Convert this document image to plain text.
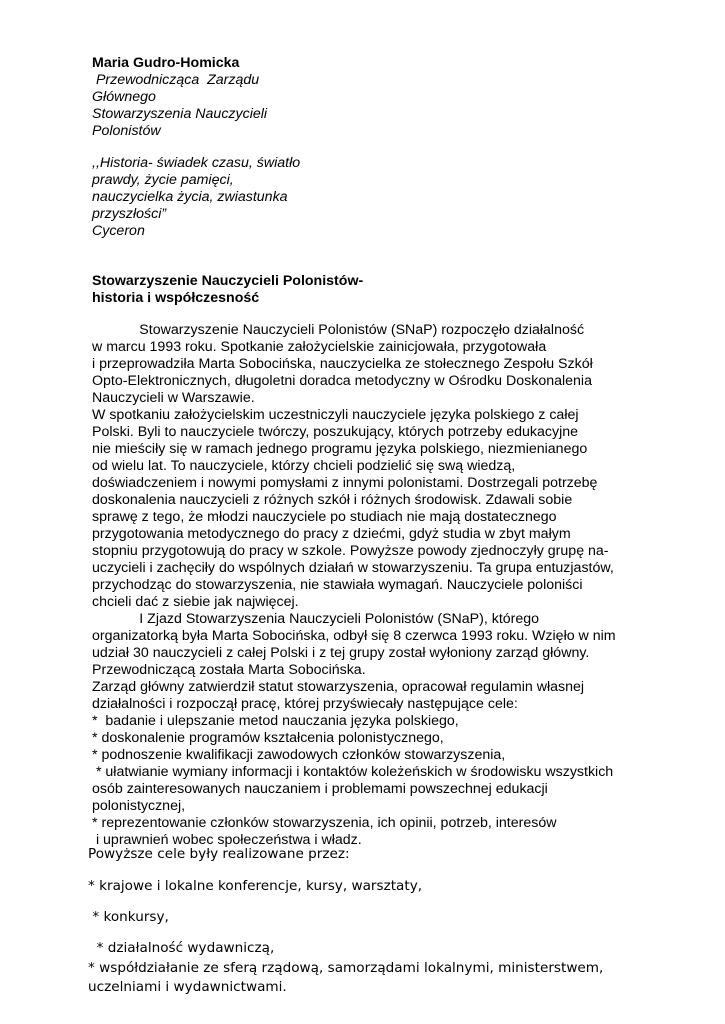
Maria Gudro-Homicka
Przewodnicząca  Zarządu
Głównego
Stowarzyszenia Nauczycieli
Polonistów
,,Historia- świadek czasu, światło
prawdy, życie pamięci,
nauczycielka życia, zwiastunka
przyszłości”
Cyceron
Stowarzyszenie Nauczycieli Polonistów-
historia i współczesność
Stowarzyszenie Nauczycieli Polonistów (SNaP) rozpoczęło działalność
w marcu 1993 roku. Spotkanie założycielskie zainicjowała, przygotowała
i przeprowadziła Marta Sobocińska, nauczycielka ze stołecznego Zespołu Szkół
Opto-Elektronicznych, długoletni doradca metodyczny w Ośrodku Doskonalenia
Nauczycieli w Warszawie.
W spotkaniu założycielskim uczestniczyli nauczyciele języka polskiego z całej
Polski. Byli to nauczyciele twórczy, poszukujący, których potrzeby edukacyjne
nie mieściły się w ramach jednego programu języka polskiego, niezmienianego
od wielu lat. To nauczyciele, którzy chcieli podzielić się swą wiedzą,
doświadczeniem i nowymi pomysłami z innymi polonistami. Dostrzegali potrzebę
doskonalenia nauczycieli z różnych szkół i różnych środowisk. Zdawali sobie
sprawę z tego, że młodzi nauczyciele po studiach nie mają dostatecznego
przygotowania metodycznego do pracy z dziećmi, gdyż studia w zbyt małym
stopniu przygotowują do pracy w szkole. Powyższe powody zjednoczyły grupę na-
uczycieli i zachęciły do wspólnych działań w stowarzyszeniu. Ta grupa entuzjastów,
przychodząc do stowarzyszenia, nie stawiała wymagań. Nauczyciele poloniści
chcieli dać z siebie jak najwięcej.
I Zjazd Stowarzyszenia Nauczycieli Polonistów (SNaP), którego
organizatorką była Marta Sobocińska, odbył się 8 czerwca 1993 roku. Wzięło w nim
udział 30 nauczycieli z całej Polski i z tej grupy został wyłoniony zarząd główny.
Przewodniczącą została Marta Sobocińska.
Zarząd główny zatwierdził statut stowarzyszenia, opracował regulamin własnej
działalności i rozpoczął pracę, której przyświecały następujące cele:
*  badanie i ulepszanie metod nauczania języka polskiego,
* doskonalenie programów kształcenia polonistycznego,
* podnoszenie kwalifikacji zawodowych członków stowarzyszenia,
* ułatwianie wymiany informacji i kontaktów koleżeńskich w środowisku wszystkich
osób zainteresowanych nauczaniem i problemami powszechnej edukacji
polonistycznej,
* reprezentowanie członków stowarzyszenia, ich opinii, potrzeb, interesów
i uprawnień wobec społeczeństwa i władz.
Powyższe cele były realizowane przez:
* krajowe i lokalne konferencje, kursy, warsztaty,
* konkursy,
* działalność wydawniczą,
* współdziałanie ze sferą rządową, samorządami lokalnymi, ministerstwem,
uczelniami i wydawnictwami.
